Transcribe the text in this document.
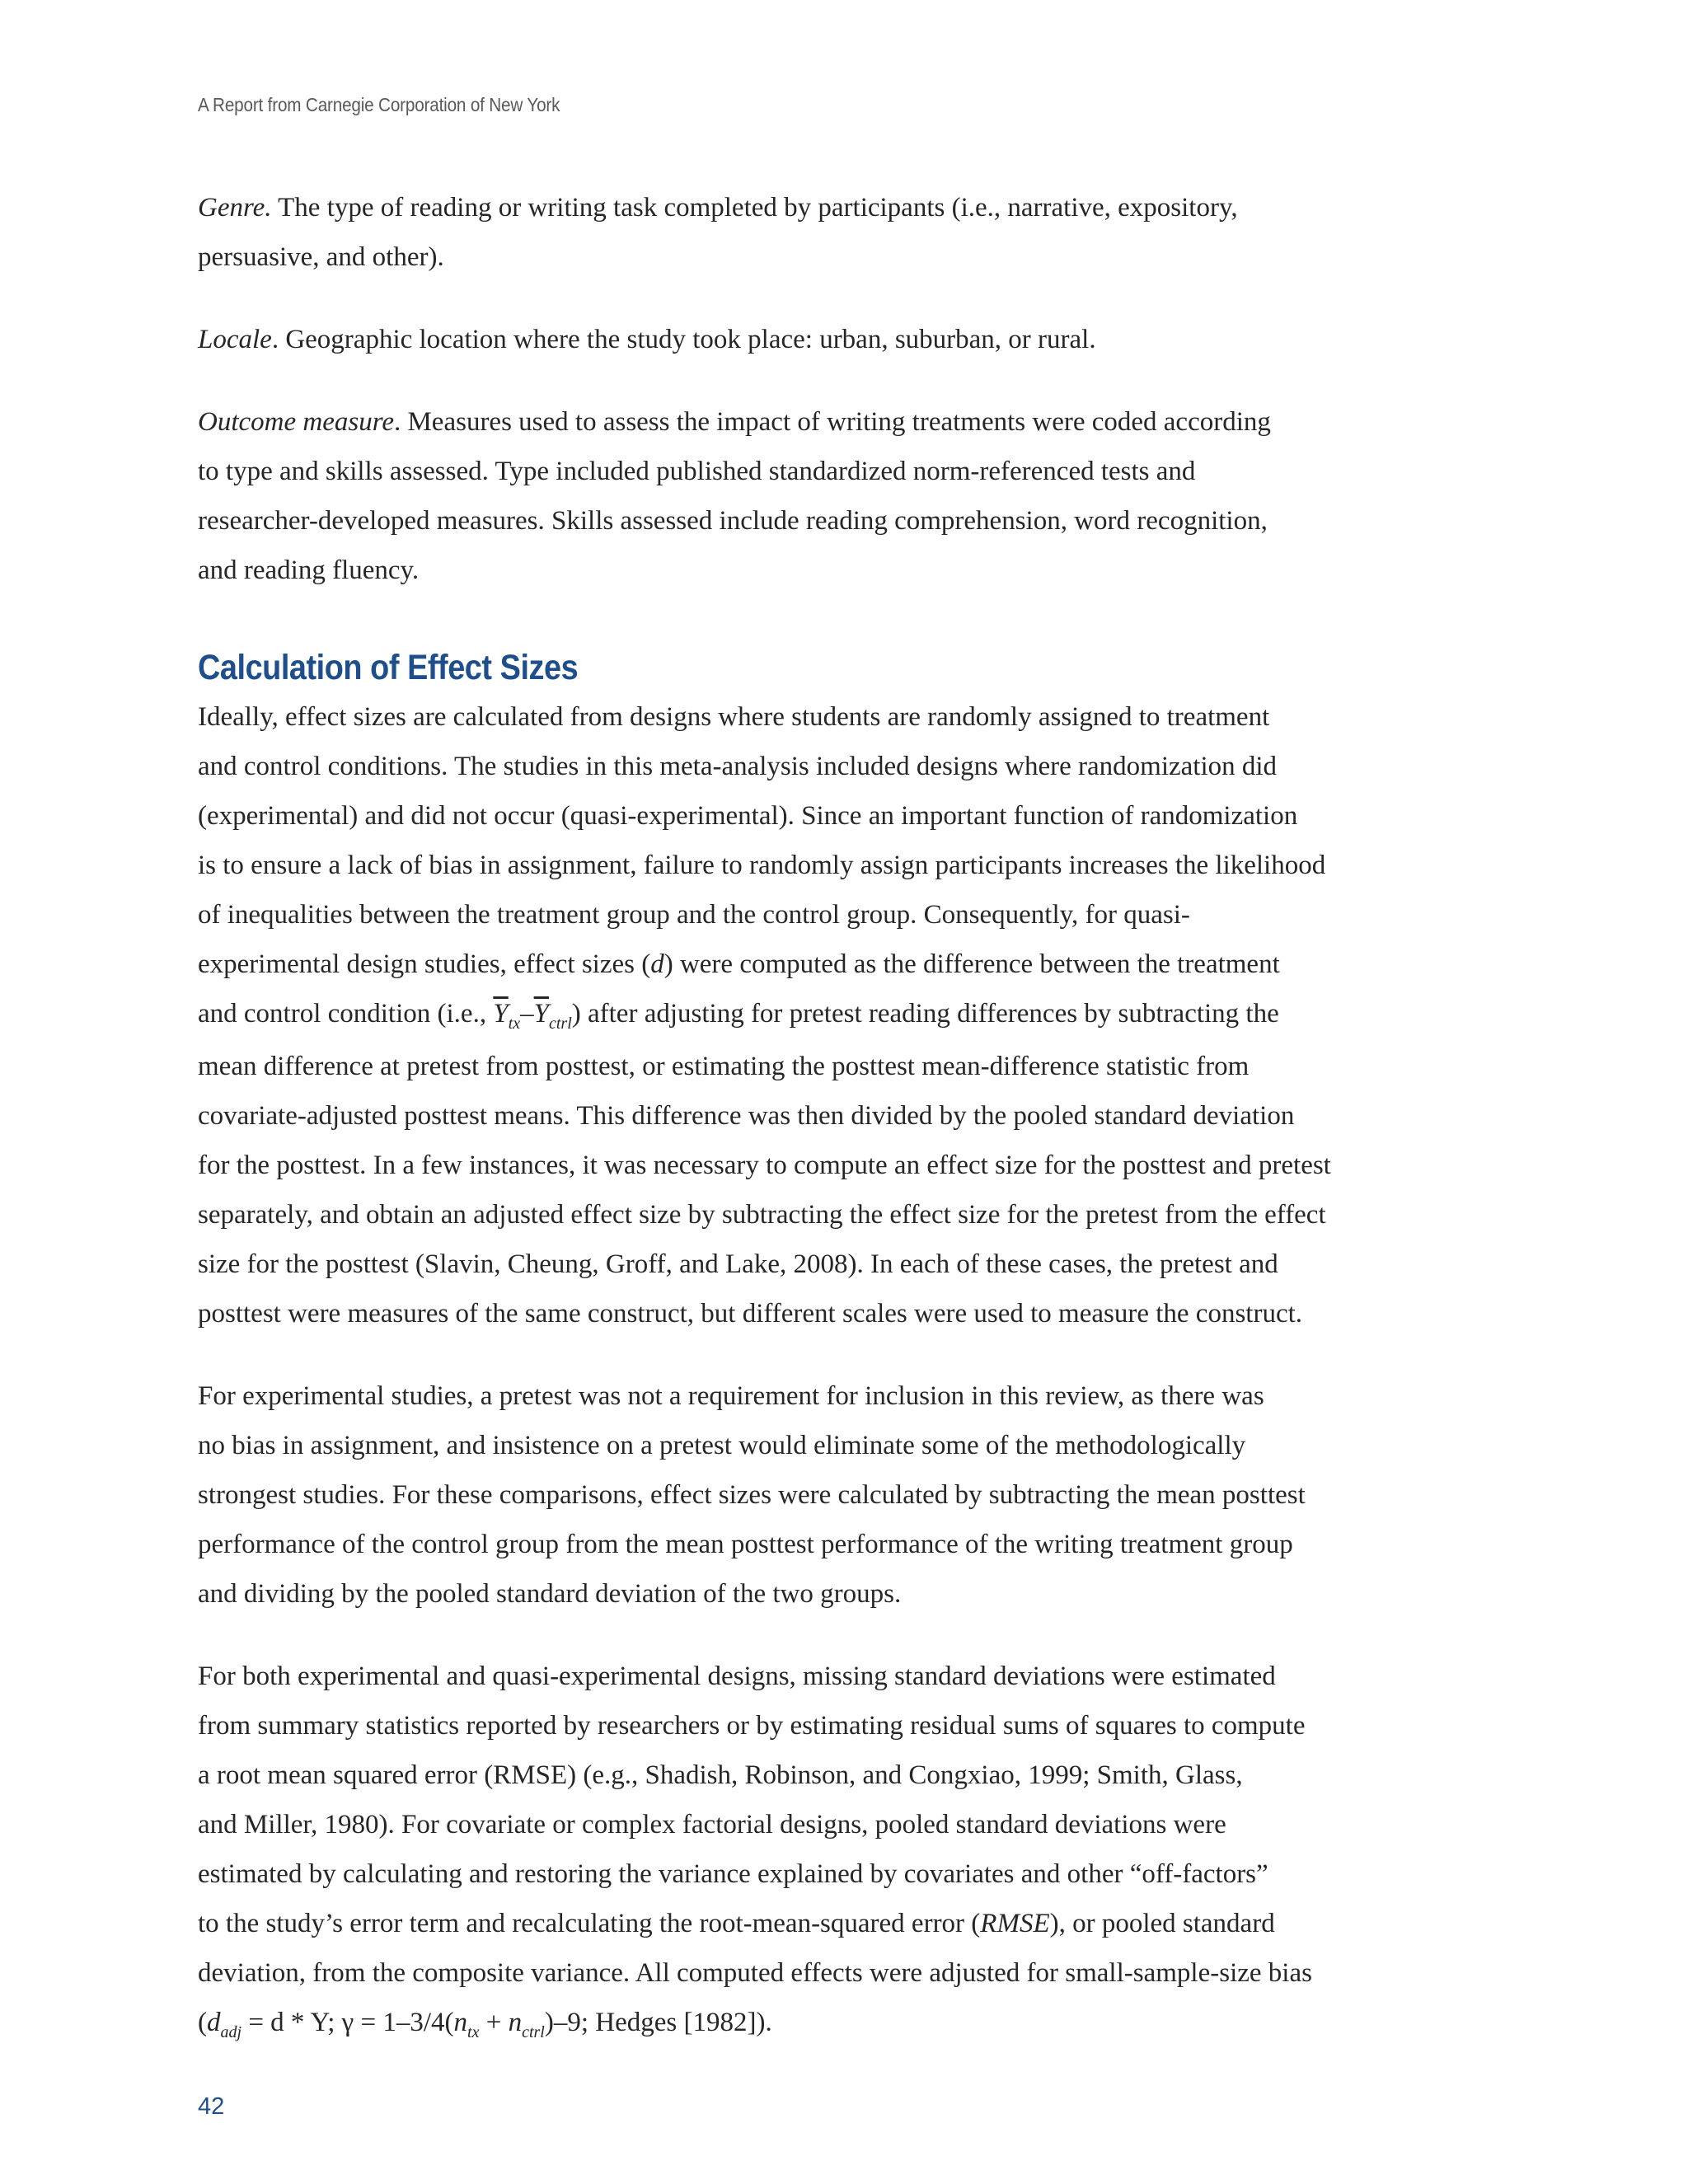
A Report from Carnegie Corporation of New York

Genre. The type of reading or writing task completed by participants (i.e., narrative, expository,
persuasive, and other).

Locale. Geographic location where the study took place: urban, suburban, or rural.

Outcome measure. Measures used to assess the impact of writing treatments were coded according
to type and skills assessed. Type included published standardized norm-referenced tests and
researcher-developed measures. Skills assessed include reading comprehension, word recognition,
and reading fluency.

Calculation of Effect Sizes

Ideally, effect sizes are calculated from designs where students are randomly assigned to treatment
and control conditions. The studies in this meta-analysis included designs where randomization did
(experimental) and did not occur (quasi-experimental). Since an important function of randomization
is to ensure a lack of bias in assignment, failure to randomly assign participants increases the likelihood
of inequalities between the treatment group and the control group. Consequently, for quasi-
experimental design studies, effect sizes (d) were computed as the difference between the treatment
and control condition (i.e., $\overline{Y}_{tx}-\overline{Y}_{ctrl}$) after adjusting for pretest reading differences by subtracting the
mean difference at pretest from posttest, or estimating the posttest mean-difference statistic from
covariate-adjusted posttest means. This difference was then divided by the pooled standard deviation
for the posttest. In a few instances, it was necessary to compute an effect size for the posttest and pretest
separately, and obtain an adjusted effect size by subtracting the effect size for the pretest from the effect
size for the posttest (Slavin, Cheung, Groff, and Lake, 2008). In each of these cases, the pretest and
posttest were measures of the same construct, but different scales were used to measure the construct.

For experimental studies, a pretest was not a requirement for inclusion in this review, as there was
no bias in assignment, and insistence on a pretest would eliminate some of the methodologically
strongest studies. For these comparisons, effect sizes were calculated by subtracting the mean posttest
performance of the control group from the mean posttest performance of the writing treatment group
and dividing by the pooled standard deviation of the two groups.

For both experimental and quasi-experimental designs, missing standard deviations were estimated
from summary statistics reported by researchers or by estimating residual sums of squares to compute
a root mean squared error (RMSE) (e.g., Shadish, Robinson, and Congxiao, 1999; Smith, Glass,
and Miller, 1980). For covariate or complex factorial designs, pooled standard deviations were
estimated by calculating and restoring the variance explained by covariates and other “off-factors”
to the study’s error term and recalculating the root-mean-squared error (RMSE), or pooled standard
deviation, from the composite variance. All computed effects were adjusted for small-sample-size bias
($d_{adj} = d * Y$; $\gamma = 1-3/4(n_{tx} + n_{ctrl})-9$; Hedges [1982]).

42
